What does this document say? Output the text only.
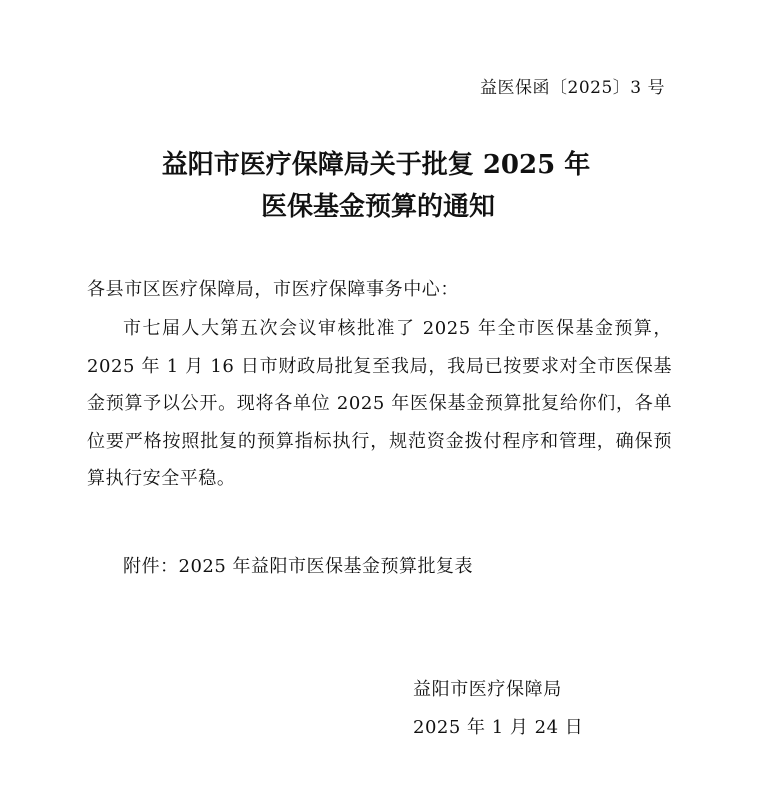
益医保函〔2025〕3 号
益阳市医疗保障局关于批复 2025 年
医保基金预算的通知
各县市区医疗保障局，市医疗保障事务中心：
市七届人大第五次会议审核批准了 2025 年全市医保基金预算，2025 年 1 月 16 日市财政局批复至我局，我局已按要求对全市医保基金预算予以公开。现将各单位 2025 年医保基金预算批复给你们，各单位要严格按照批复的预算指标执行，规范资金拨付程序和管理，确保预算执行安全平稳。
附件：2025 年益阳市医保基金预算批复表
益阳市医疗保障局
2025 年 1 月 24 日
